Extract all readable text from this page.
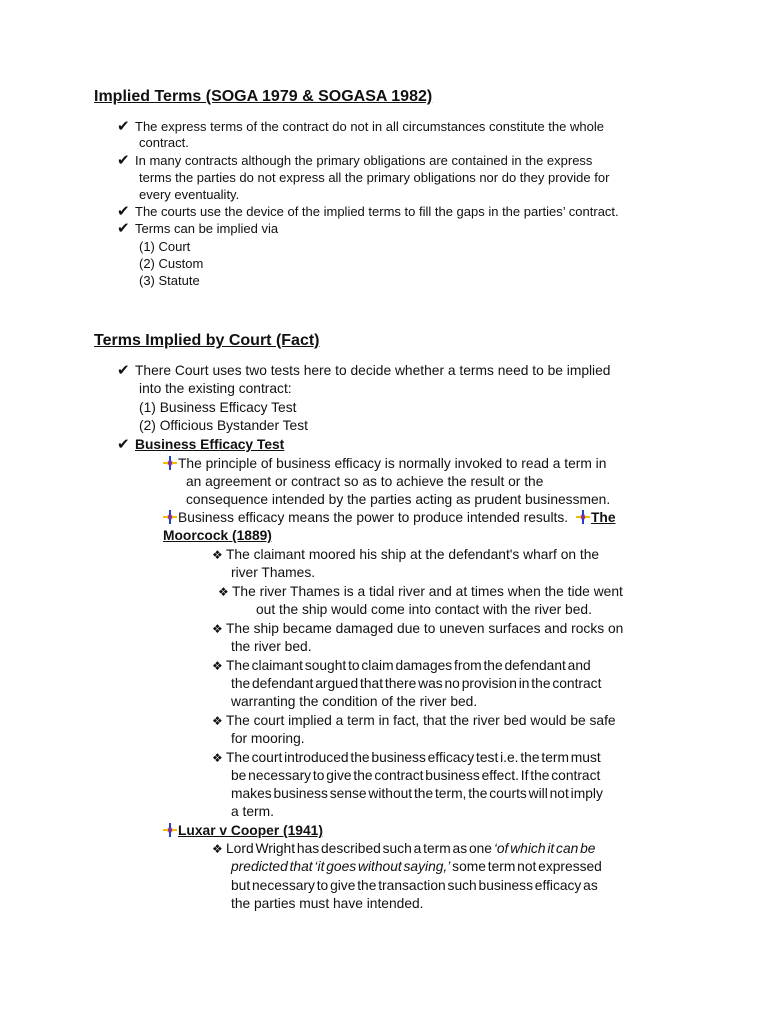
Implied Terms (SOGA 1979 & SOGASA 1982)
✔ The express terms of the contract do not in all circumstances constitute the whole
contract.
✔ In many contracts although the primary obligations are contained in the express
terms the parties do not express all the primary obligations nor do they provide for
every eventuality.
✔ The courts use the device of the implied terms to fill the gaps in the parties’ contract.
✔ Terms can be implied via
(1) Court
(2) Custom
(3) Statute
Terms Implied by Court (Fact)
✔ There Court uses two tests here to decide whether a terms need to be implied
into the existing contract:
(1) Business Efficacy Test
(2) Officious Bystander Test
✔ Business Efficacy Test
The principle of business efficacy is normally invoked to read a term in
an agreement or contract so as to achieve the result or the
consequence intended by the parties acting as prudent businessmen.
Business efficacy means the power to produce intended results. The
Moorcock (1889)
❖ The claimant moored his ship at the defendant's wharf on the
river Thames.
❖ The river Thames is a tidal river and at times when the tide went
out the ship would come into contact with the river bed.
❖ The ship became damaged due to uneven surfaces and rocks on
the river bed.
❖ The claimant sought to claim damages from the defendant and
the defendant argued that there was no provision in the contract
warranting the condition of the river bed.
❖ The court implied a term in fact, that the river bed would be safe
for mooring.
❖ The court introduced the business efficacy test i.e. the term must
be necessary to give the contract business effect. If the contract
makes business sense without the term, the courts will not imply
a term.
Luxar v Cooper (1941)
❖ Lord Wright has described such a term as one ‘of which it can be
predicted that ‘it goes without saying,’ some term not expressed
but necessary to give the transaction such business efficacy as
the parties must have intended.
